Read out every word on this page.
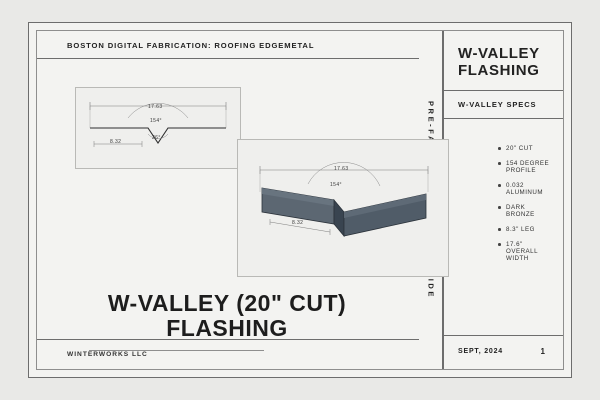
BOSTON DIGITAL FABRICATION: ROOFING EDGEMETAL
WINTERWORKS LLC
W-VALLEY
FLASHING
W-VALLEY SPECS
20" CUT
154 DEGREE PROFILE
0.032 ALUMINUM
DARK BRONZE
8.3" LEG
17.6" OVERALL WIDTH
SEPT, 2024	1
W-VALLEY (20" CUT)
FLASHING
17.63
154°
26°
8.32
17.63
154°
8.32
